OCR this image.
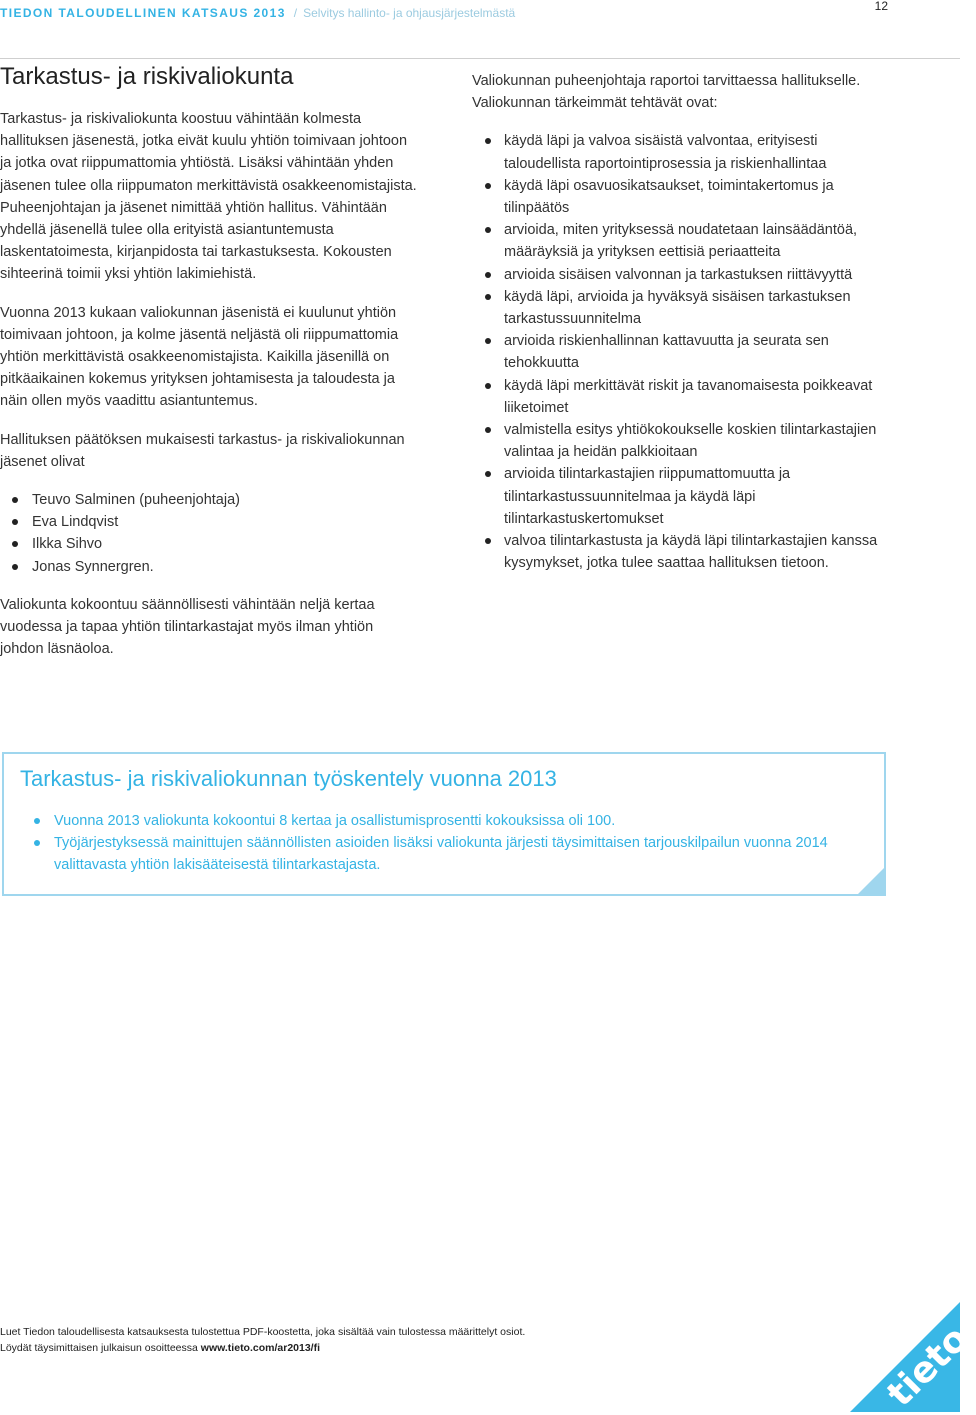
TIEDON TALOUDELLINEN KATSAUS 2013 / Selvitys hallinto- ja ohjausjärjestelmästä	12
Tarkastus- ja riskivaliokunta

Tarkastus- ja riskivaliokunta koostuu vähintään kolmesta hallituksen jäsenestä, jotka eivät kuulu yhtiön toimivaan johtoon ja jotka ovat riippumattomia yhtiöstä. Lisäksi vähintään yhden jäsenen tulee olla riippumaton merkittävistä osakkeenomistajista. Puheenjohtajan ja jäsenet nimittää yhtiön hallitus. Vähintään yhdellä jäsenellä tulee olla erityistä asiantuntemusta laskentatoimesta, kirjanpidosta tai tarkastuksesta. Kokousten sihteerinä toimii yksi yhtiön lakimiehistä.

Vuonna 2013 kukaan valiokunnan jäsenistä ei kuulunut yhtiön toimivaan johtoon, ja kolme jäsentä neljästä oli riippumattomia yhtiön merkittävistä osakkeenomistajista. Kaikilla jäsenillä on pitkäaikainen kokemus yrityksen johtamisesta ja taloudesta ja näin ollen myös vaadittu asiantuntemus.

Hallituksen päätöksen mukaisesti tarkastus- ja riskivaliokunnan jäsenet olivat

Teuvo Salminen (puheenjohtaja)
Eva Lindqvist
Ilkka Sihvo
Jonas Synnergren.

Valiokunta kokoontuu säännöllisesti vähintään neljä kertaa vuodessa ja tapaa yhtiön tilintarkastajat myös ilman yhtiön johdon läsnäoloa.

Valiokunnan puheenjohtaja raportoi tarvittaessa hallitukselle. Valiokunnan tärkeimmät tehtävät ovat:

käydä läpi ja valvoa sisäistä valvontaa, erityisesti taloudellista raportointiprosessia ja riskienhallintaa
käydä läpi osavuosikatsaukset, toimintakertomus ja tilinpäätös
arvioida, miten yrityksessä noudatetaan lainsäädäntöä, määräyksiä ja yrityksen eettisiä periaatteita
arvioida sisäisen valvonnan ja tarkastuksen riittävyyttä
käydä läpi, arvioida ja hyväksyä sisäisen tarkastuksen tarkastussuunnitelma
arvioida riskienhallinnan kattavuutta ja seurata sen tehokkuutta
käydä läpi merkittävät riskit ja tavanomaisesta poikkeavat liiketoimet
valmistella esitys yhtiökokoukselle koskien tilintarkastajien valintaa ja heidän palkkioitaan
arvioida tilintarkastajien riippumattomuutta ja tilintarkastussuunnitelmaa ja käydä läpi tilintarkastuskertomukset
valvoa tilintarkastusta ja käydä läpi tilintarkastajien kanssa kysymykset, jotka tulee saattaa hallituksen tietoon.
Tarkastus- ja riskivaliokunnan työskentely vuonna 2013
Vuonna 2013 valiokunta kokoontui 8 kertaa ja osallistumisprosentti kokouksissa oli 100.
Työjärjestyksessä mainittujen säännöllisten asioiden lisäksi valiokunta järjesti täysimittaisen tarjouskilpailun vuonna 2014 valittavasta yhtiön lakisääteisestä tilintarkastajasta.
Luet Tiedon taloudellisesta katsauksesta tulostettua PDF-koostetta, joka sisältää vain tulostessa määrittelyt osiot.
Löydät täysimittaisen julkaisun osoitteessa www.tieto.com/ar2013/fi	tieto
